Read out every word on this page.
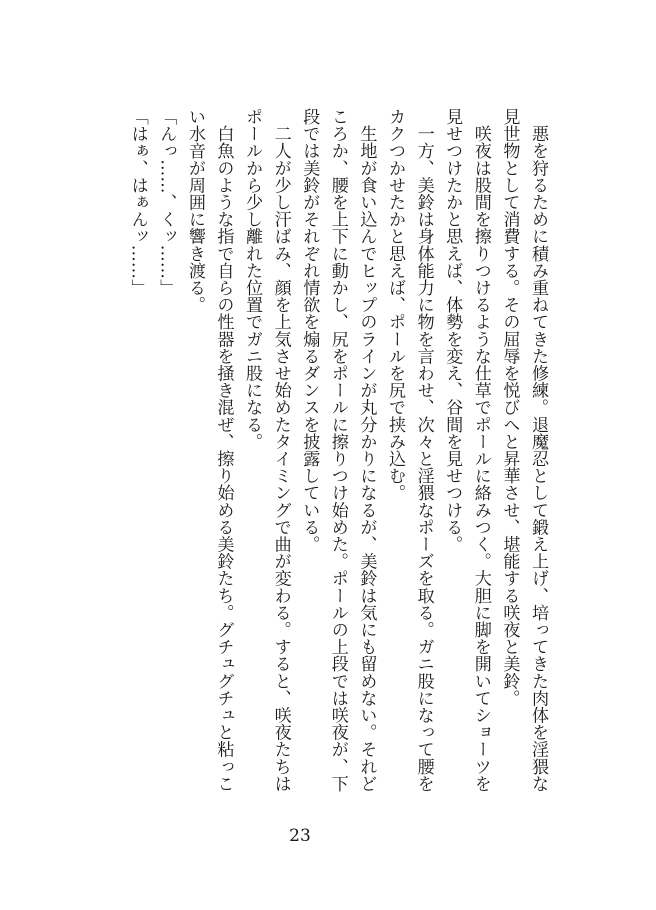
　悪を狩るために積み重ねてきた修練。退魔忍として鍛え上げ、培ってきた肉体を淫猥な
見世物として消費する。その屈辱を悦びへと昇華させ、堪能する咲夜と美鈴。
　咲夜は股間を擦りつけるような仕草でポールに絡みつく。大胆に脚を開いてショーツを
見せつけたかと思えば、体勢を変え、谷間を見せつける。
　一方、美鈴は身体能力に物を言わせ、次々と淫猥なポーズを取る。ガニ股になって腰を
カクつかせたかと思えば、ポールを尻で挟み込む。
　生地が食い込んでヒップのラインが丸分かりになるが、美鈴は気にも留めない。それど
ころか、腰を上下に動かし、尻をポールに擦りつけ始めた。ポールの上段では咲夜が、下
段では美鈴がそれぞれ情欲を煽るダンスを披露している。
　二人が少し汗ばみ、顔を上気させ始めたタイミングで曲が変わる。すると、咲夜たちは
ポールから少し離れた位置でガニ股になる。
　白魚のような指で自らの性器を掻き混ぜ、擦り始める美鈴たち。グチュグチュと粘っこ
い水音が周囲に響き渡る。
「んっ……、くッ……」
「はぁ、はぁんッ……」
23
